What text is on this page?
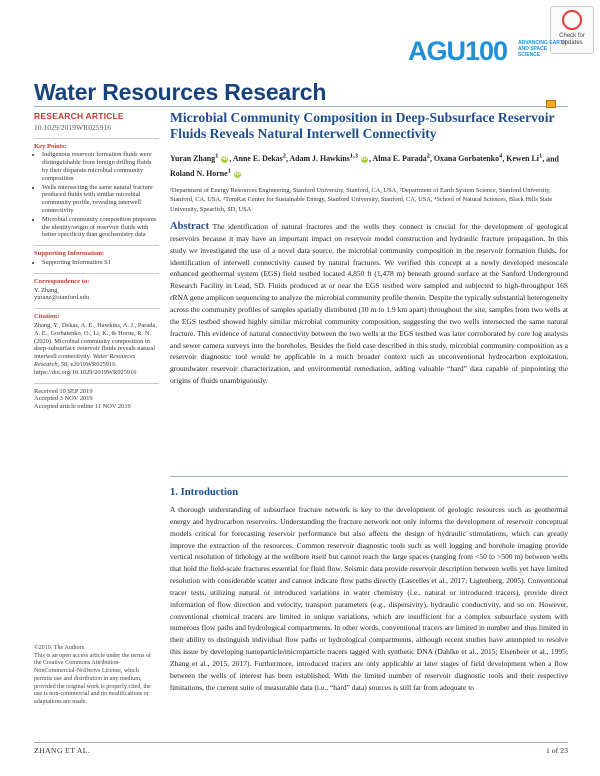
Check for updates
AGU100 ADVANCING EARTH AND SPACE SCIENCE
Water Resources Research
RESEARCH ARTICLE
10.1029/2019WR025916
Key Points:
• Indigenous reservoir formation fluids were distinguishable from foreign drilling fluids by their disparate microbial community composition
• Wells intersecting the same natural fracture produced fluids with similar microbial community profile, revealing interwell connectivity
• Microbial community composition pinpoints the identity/origin of reservoir fluids with better specificity than geochemistry data
Supporting Information:
• Supporting Information S1
Correspondence to:

Y. Zhang,

yuranz@stanford.edu

Citation:

Zhang, Y., Dekas, A. E., Hawkins, A. J., Parada, A. E., Gorbatenko, O., Li, K., & Horne, R. N. (2020). Microbial community composition in deep-subsurface reservoir fluids reveals natural interwell connectivity. Water Resources Research, 56, e2019WR025916. https://doi.org/10.1029/2019WR025916

Received 10 SEP 2019

Accepted 3 NOV 2019

Accepted article online 11 NOV 2019

©2019. The Authors.
This is an open access article under the terms of the Creative Commons Attribution-NonCommercial-NoDerivs License, which permits use and distribution in any medium, provided the original work is properly cited, the use is non-commercial and no modifications or adaptations are made.
Microbial Community Composition in Deep-Subsurface Reservoir Fluids Reveals Natural Interwell Connectivity
Yuran Zhang$^1$ iD , Anne E. Dekas$^2$, Adam J. Hawkins$^{1,3}$ iD , Alma E. Parada$^2$, Oxana Gorbatenko$^4$, Kewen Li$^1$, and Roland N. Horne$^1$ iD
¹Department of Energy Resources Engineering, Stanford University, Stanford, CA, USA, ²Department of Earth System Science, Stanford University, Stanford, CA, USA, ³TomKat Center for Sustainable Energy, Stanford University, Stanford, CA, USA, ⁴School of Natural Sciences, Black Hills State University, Spearfish, SD, USA

Abstract The identification of natural fractures and the wells they connect is crucial for the development of geological reservoirs because it may have an important impact on reservoir model construction and hydraulic fracture propagation. In this study we investigated the use of a novel data source, the microbial community composition in the reservoir formation fluids, for identification of interwell connectivity caused by natural fractures. We verified this concept at a newly developed mesoscale enhanced geothermal system (EGS) field testbed located 4,850 ft (1,478 m) beneath ground surface at the Sanford Underground Research Facility in Lead, SD. Fluids produced at or near the EGS testbed were sampled and subjected to high-throughput 16S rRNA gene amplicon sequencing to analyze the microbial community profile therein. Despite the typically substantial heterogeneity across the community profiles of samples spatially distributed (10 m to 1.9 km apart) throughout the site, samples from two wells at the EGS testbed showed highly similar microbial community composition, suggesting the two wells intersected the same natural fracture. This evidence of natural connectivity between the two wells at the EGS testbed was later corroborated by core log analysis and sewer camera surveys into the boreholes. Besides the field case described in this study, microbial community composition as a reservoir diagnostic tool would be applicable in a much broader context such as unconventional hydrocarbon exploitation, groundwater reservoir characterization, and environmental remediation, adding valuable “hard” data capable of pinpointing the origins of fluids unambiguously.

1. Introduction

A thorough understanding of subsurface fracture network is key to the development of geologic resources such as geothermal energy and hydrocarbon reservoirs. Understanding the fracture network not only informs the development of reservoir conceptual models critical for forecasting reservoir performance but also affects the design of hydraulic stimulations, which can greatly improve the extraction of the resources. Common reservoir diagnostic tools such as well logging and borehole imaging provide vertical resolution of lithology at the wellbore itself but cannot reach the large spaces (ranging from <50 to >500 m) between wells that hold the field-scale fractures essential for fluid flow. Seismic data provide reservoir description between wells yet have limited resolution with considerable scatter and cannot indicate flow paths directly (Lascelles et al., 2017; Ligtenberg, 2005). Conventional tracer tests, utilizing natural or introduced variations in water chemistry (i.e., natural or introduced tracers), provide direct information of flow direction and velocity, transport parameters (e.g., dispersivity), hydraulic conductivity, and so on. However, conventional chemical tracers are limited in unique variations, which are insufficient for a complex subsurface system with numerous flow paths and hydrological compartments. In other words, conventional tracers are limited in number and thus limited in their ability to distinguish individual flow paths or hydrological compartments, although recent studies have attempted to resolve this issue by developing nanoparticle/microparticle tracers tagged with synthetic DNA (Dahlke et al., 2015; Elsenbeer et al., 1995; Zhang et al., 2015, 2017). Furthermore, introduced tracers are only applicable at later stages of field development when a flow between the wells of interest has been established. With the limited number of reservoir diagnostic tools and their respective limitations, the current suite of measurable data (i.e., “hard” data) sources is still far from adequate to

ZHANG ET AL.	1 of 23
